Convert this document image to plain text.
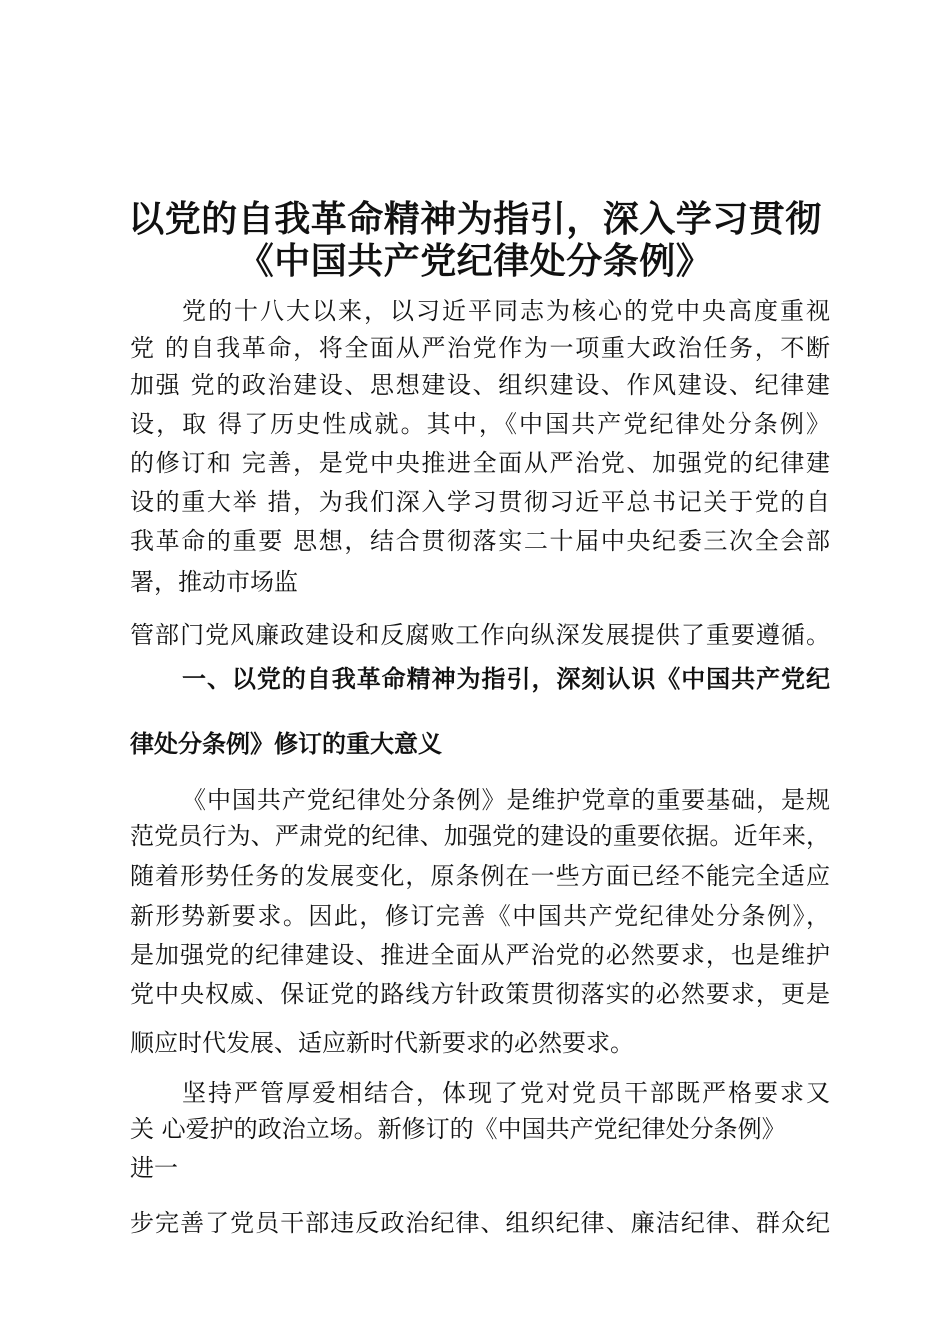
以党的自我革命精神为指引，深入学习贯彻
《中国共产党纪律处分条例》
党的十八大以来，以习近平同志为核心的党中央高度重视
党 的自我革命，将全面从严治党作为一项重大政治任务，不断
加强 党的政治建设、思想建设、组织建设、作风建设、纪律建
设，取 得了历史性成就。其中，《中国共产党纪律处分条例》
的修订和 完善，是党中央推进全面从严治党、加强党的纪律建
设的重大举 措，为我们深入学习贯彻习近平总书记关于党的自
我革命的重要 思想，结合贯彻落实二十届中央纪委三次全会部
署，推动市场监
管部门党风廉政建设和反腐败工作向纵深发展提供了重要遵循。
一、以党的自我革命精神为指引，深刻认识《中国共产党纪
律处分条例》修订的重大意义
《中国共产党纪律处分条例》是维护党章的重要基础，是规
范党员行为、严肃党的纪律、加强党的建设的重要依据。近年来，
随着形势任务的发展变化，原条例在一些方面已经不能完全适应
新形势新要求。因此，修订完善《中国共产党纪律处分条例》，
是加强党的纪律建设、推进全面从严治党的必然要求，也是维护
党中央权威、保证党的路线方针政策贯彻落实的必然要求，更是
顺应时代发展、适应新时代新要求的必然要求。
坚持严管厚爱相结合，体现了党对党员干部既严格要求又
关 心爱护的政治立场。新修订的《中国共产党纪律处分条例》
进一
步完善了党员干部违反政治纪律、组织纪律、廉洁纪律、群众纪
